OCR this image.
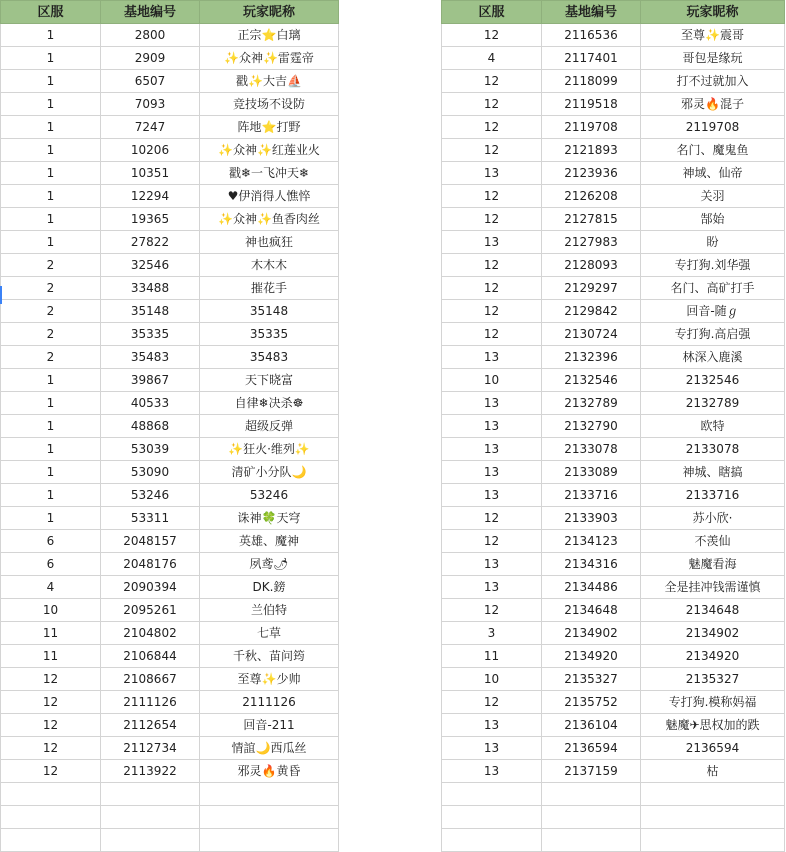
区服	基地编号	玩家昵称
1	2800	正宗⭐白璃
1	2909	✨众神✨雷霆帝
1	6507	戳✨大吉⛵
1	7093	竞技场不设防
1	7247	阵地⭐打野
1	10206	✨众神✨红莲业火
1	10351	戳❄一飞冲天❄
1	12294	♥伊消得人憔悴
1	19365	✨众神✨鱼香肉丝
1	27822	神也疯狂
2	32546	木木木
2	33488	摧花手
2	35148	35148
2	35335	35335
2	35483	35483
1	39867	天下晓富
1	40533	自律❄决杀☸
1	48868	超级反弹
1	53039	✨狂火·维列✨
1	53090	清矿小分队🌙
1	53246	53246
1	53311	诛神🍀天穹
6	2048157	英雄、魔神
6	2048176	夙鸢🌶
4	2090394	DK.鎊
10	2095261	兰伯特
11	2104802	七草
11	2106844	千秋、苗问筠
12	2108667	至尊✨少帅
12	2111126	2111126
12	2112654	回音-211
12	2112734	情誼🌙西瓜丝
12	2113922	邪灵🔥黄昏

区服	基地编号	玩家昵称
12	2116536	至尊✨震哥
4	2117401	哥包是缘玩
12	2118099	打不过就加入
12	2119518	邪灵🔥混子
12	2119708	2119708
12	2121893	名门、魔鬼鱼
13	2123936	神域、仙帝
12	2126208	关羽
12	2127815	郜始
13	2127983	盼
12	2128093	专打狗.刘华强
12	2129297	名门、高矿打手
12	2129842	回音-随ℊ
12	2130724	专打狗.高启强
13	2132396	林深入鹿溪
10	2132546	2132546
13	2132789	2132789
13	2132790	欧特
13	2133078	2133078
13	2133089	神城、瞎搞
13	2133716	2133716
12	2133903	苏小欣·
12	2134123	不羡仙
13	2134316	魅魔看海
13	2134486	全是挂冲钱需谨慎
12	2134648	2134648
3	2134902	2134902
11	2134920	2134920
10	2135327	2135327
12	2135752	专打狗.模称妈福
13	2136104	魅魔✈思权加的跌
13	2136594	2136594
13	2137159	枯
